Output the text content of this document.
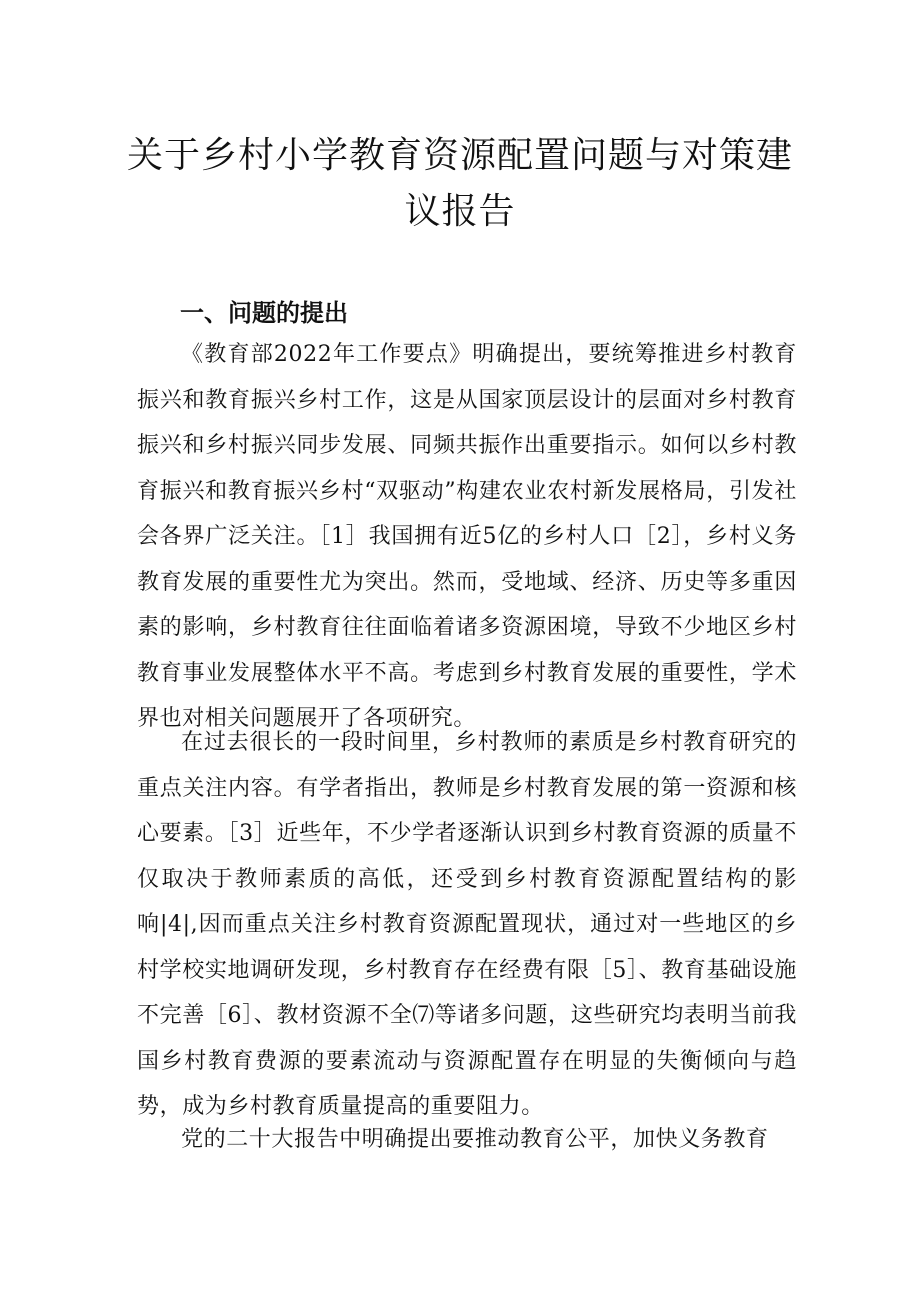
关于乡村小学教育资源配置问题与对策建
议报告
一、问题的提出

《教育部2022年工作要点》明确提出，要统筹推进乡村教育振兴和教育振兴乡村工作，这是从国家顶层设计的层面对乡村教育振兴和乡村振兴同步发展、同频共振作出重要指示。如何以乡村教育振兴和教育振兴乡村“双驱动”构建农业农村新发展格局，引发社会各界广泛关注。［1］我国拥有近5亿的乡村人口［2］，乡村义务教育发展的重要性尤为突出。然而，受地域、经济、历史等多重因素的影响，乡村教育往往面临着诸多资源困境，导致不少地区乡村教育事业发展整体水平不高。考虑到乡村教育发展的重要性，学术界也对相关问题展开了各项研究。

在过去很长的一段时间里，乡村教师的素质是乡村教育研究的重点关注内容。有学者指出，教师是乡村教育发展的第一资源和核心要素。［3］近些年，不少学者逐渐认识到乡村教育资源的质量不仅取决于教师素质的高低，还受到乡村教育资源配置结构的影响|4|,因而重点关注乡村教育资源配置现状，通过对一些地区的乡村学校实地调研发现，乡村教育存在经费有限［5］、教育基础设施不完善［6］、教材资源不全⑺等诸多问题，这些研究均表明当前我国乡村教育费源的要素流动与资源配置存在明显的失衡倾向与趋势，成为乡村教育质量提高的重要阻力。

党的二十大报告中明确提出要推动教育公平，加快义务教育
